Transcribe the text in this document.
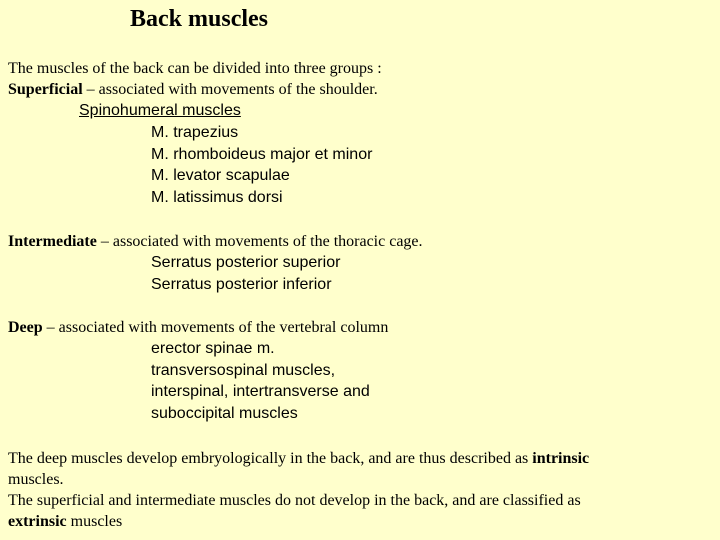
Back muscles
The muscles of the back can be divided into three groups :
Superficial – associated with movements of the shoulder.
Spinohumeral muscles
M. trapezius
M. rhomboideus major et minor
M. levator scapulae
M. latissimus dorsi
Intermediate – associated with movements of the thoracic cage.
Serratus posterior superior
Serratus posterior inferior
Deep – associated with movements of the vertebral column
erector spinae m.
transversospinal muscles,
interspinal, intertransverse and
suboccipital muscles
The deep muscles develop embryologically in the back, and are thus described as intrinsic
muscles.
The superficial and intermediate muscles do not develop in the back, and are classified as
extrinsic muscles
